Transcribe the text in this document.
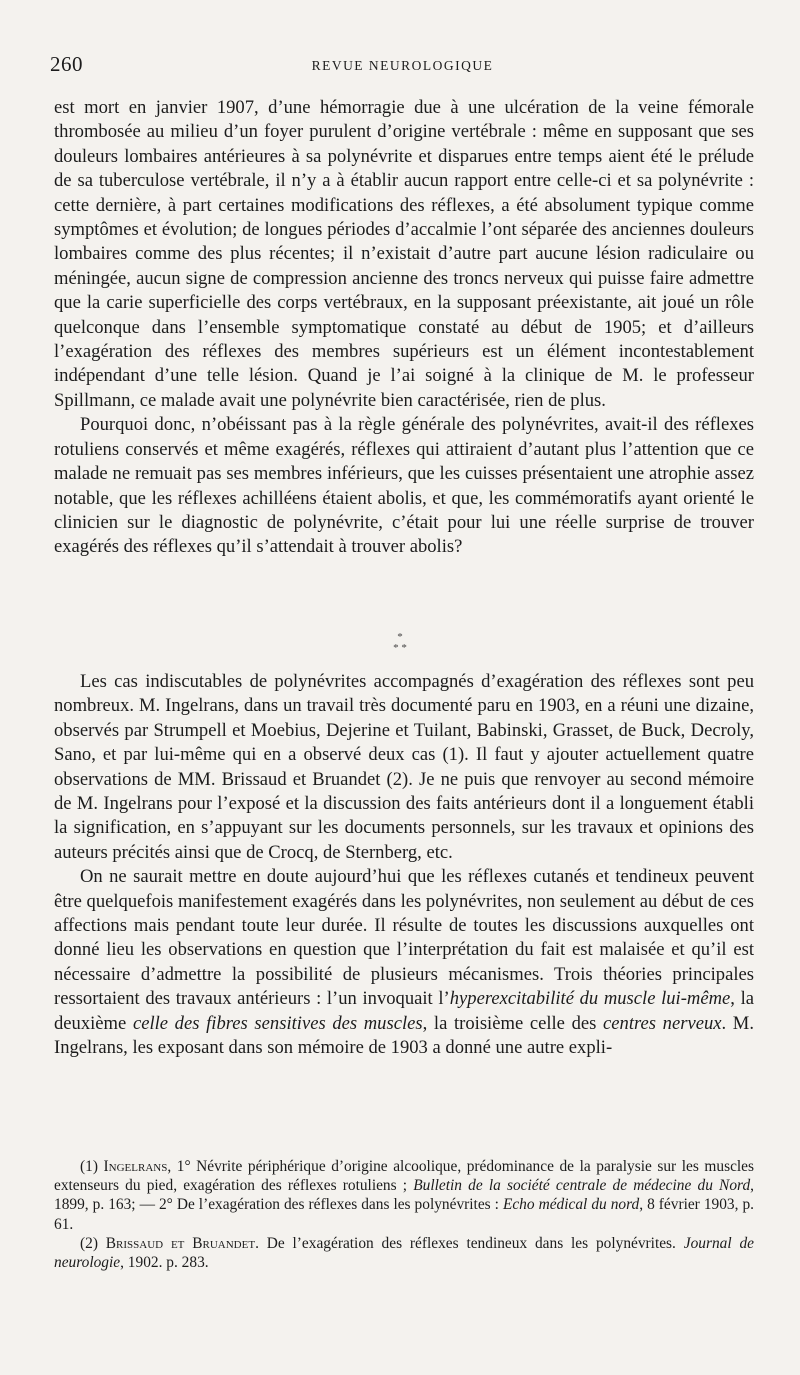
260	REVUE NEUROLOGIQUE

est mort en janvier 1907, d’une hémorragie due à une ulcération de la veine fémorale thrombosée au milieu d’un foyer purulent d’origine vertébrale : même en supposant que ses douleurs lombaires antérieures à sa polynévrite et disparues entre temps aient été le prélude de sa tuberculose vertébrale, il n’y a à établir aucun rapport entre celle-ci et sa polynévrite : cette dernière, à part certaines modifications des réflexes, a été absolument typique comme symptômes et évolution; de longues périodes d’accalmie l’ont séparée des anciennes douleurs lombaires comme des plus récentes; il n’existait d’autre part aucune lésion radiculaire ou méningée, aucun signe de compression ancienne des troncs nerveux qui puisse faire admettre que la carie superficielle des corps vertébraux, en la supposant préexistante, ait joué un rôle quelconque dans l’ensemble symptomatique constaté au début de 1905; et d’ailleurs l’exagération des réflexes des membres supérieurs est un élément incontestablement indépendant d’une telle lésion. Quand je l’ai soigné à la clinique de M. le professeur Spillmann, ce malade avait une polynévrite bien caractérisée, rien de plus.

Pourquoi donc, n’obéissant pas à la règle générale des polynévrites, avait-il des réflexes rotuliens conservés et même exagérés, réflexes qui attiraient d’autant plus l’attention que ce malade ne remuait pas ses membres inférieurs, que les cuisses présentaient une atrophie assez notable, que les réflexes achilléens étaient abolis, et que, les commémoratifs ayant orienté le clinicien sur le diagnostic de polynévrite, c’était pour lui une réelle surprise de trouver exagérés des réflexes qu’il s’attendait à trouver abolis?

*
* *

Les cas indiscutables de polynévrites accompagnés d’exagération des réflexes sont peu nombreux. M. Ingelrans, dans un travail très documenté paru en 1903, en a réuni une dizaine, observés par Strumpell et Moebius, Dejerine et Tuilant, Babinski, Grasset, de Buck, Decroly, Sano, et par lui-même qui en a observé deux cas (1). Il faut y ajouter actuellement quatre observations de MM. Brissaud et Bruandet (2). Je ne puis que renvoyer au second mémoire de M. Ingelrans pour l’exposé et la discussion des faits antérieurs dont il a longuement établi la signification, en s’appuyant sur les documents personnels, sur les travaux et opinions des auteurs précités ainsi que de Crocq, de Sternberg, etc.

On ne saurait mettre en doute aujourd’hui que les réflexes cutanés et tendineux peuvent être quelquefois manifestement exagérés dans les polynévrites, non seulement au début de ces affections mais pendant toute leur durée. Il résulte de toutes les discussions auxquelles ont donné lieu les observations en question que l’interprétation du fait est malaisée et qu’il est nécessaire d’admettre la possibilité de plusieurs mécanismes. Trois théories principales ressortaient des travaux antérieurs : l’un invoquait l’hyperexcitabilité du muscle lui-même, la deuxième celle des fibres sensitives des muscles, la troisième celle des centres nerveux. M. Ingelrans, les exposant dans son mémoire de 1903 a donné une autre expli-

(1) Ingelrans, 1° Névrite périphérique d’origine alcoolique, prédominance de la paralysie sur les muscles extenseurs du pied, exagération des réflexes rotuliens ; Bulletin de la société centrale de médecine du Nord, 1899, p. 163; — 2° De l’exagération des réflexes dans les polynévrites : Echo médical du nord, 8 février 1903, p. 61.

(2) Brissaud et Bruandet. De l’exagération des réflexes tendineux dans les polynévrites. Journal de neurologie, 1902. p. 283.
